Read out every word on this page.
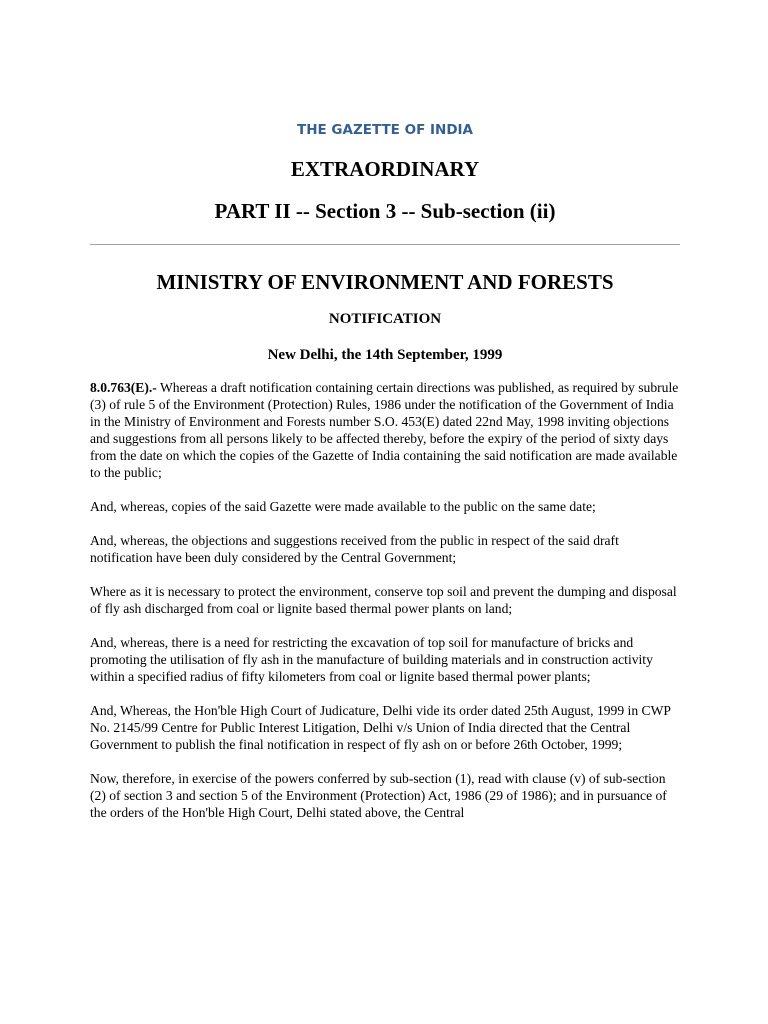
THE GAZETTE OF INDIA
EXTRAORDINARY
PART II -- Section 3 -- Sub-section (ii)
MINISTRY OF ENVIRONMENT AND FORESTS
NOTIFICATION
New Delhi, the 14th September, 1999

8.0.763(E).- Whereas a draft notification containing certain directions was published, as required by subrule (3) of rule 5 of the Environment (Protection) Rules, 1986 under the notification of the Government of India in the Ministry of Environment and Forests number S.O. 453(E) dated 22nd May, 1998 inviting objections and suggestions from all persons likely to be affected thereby, before the expiry of the period of sixty days from the date on which the copies of the Gazette of India containing the said notification are made available to the public;

And, whereas, copies of the said Gazette were made available to the public on the same date;

And, whereas, the objections and suggestions received from the public in respect of the said draft notification have been duly considered by the Central Government;

Where as it is necessary to protect the environment, conserve top soil and prevent the dumping and disposal of fly ash discharged from coal or lignite based thermal power plants on land;

And, whereas, there is a need for restricting the excavation of top soil for manufacture of bricks and promoting the utilisation of fly ash in the manufacture of building materials and in construction activity within a specified radius of fifty kilometers from coal or lignite based thermal power plants;

And, Whereas, the Hon'ble High Court of Judicature, Delhi vide its order dated 25th August, 1999 in CWP No. 2145/99 Centre for Public Interest Litigation, Delhi v/s Union of India directed that the Central Government to publish the final notification in respect of fly ash on or before 26th October, 1999;

Now, therefore, in exercise of the powers conferred by sub-section (1), read with clause (v) of sub-section (2) of section 3 and section 5 of the Environment (Protection) Act, 1986 (29 of 1986); and in pursuance of the orders of the Hon'ble High Court, Delhi stated above, the Central
